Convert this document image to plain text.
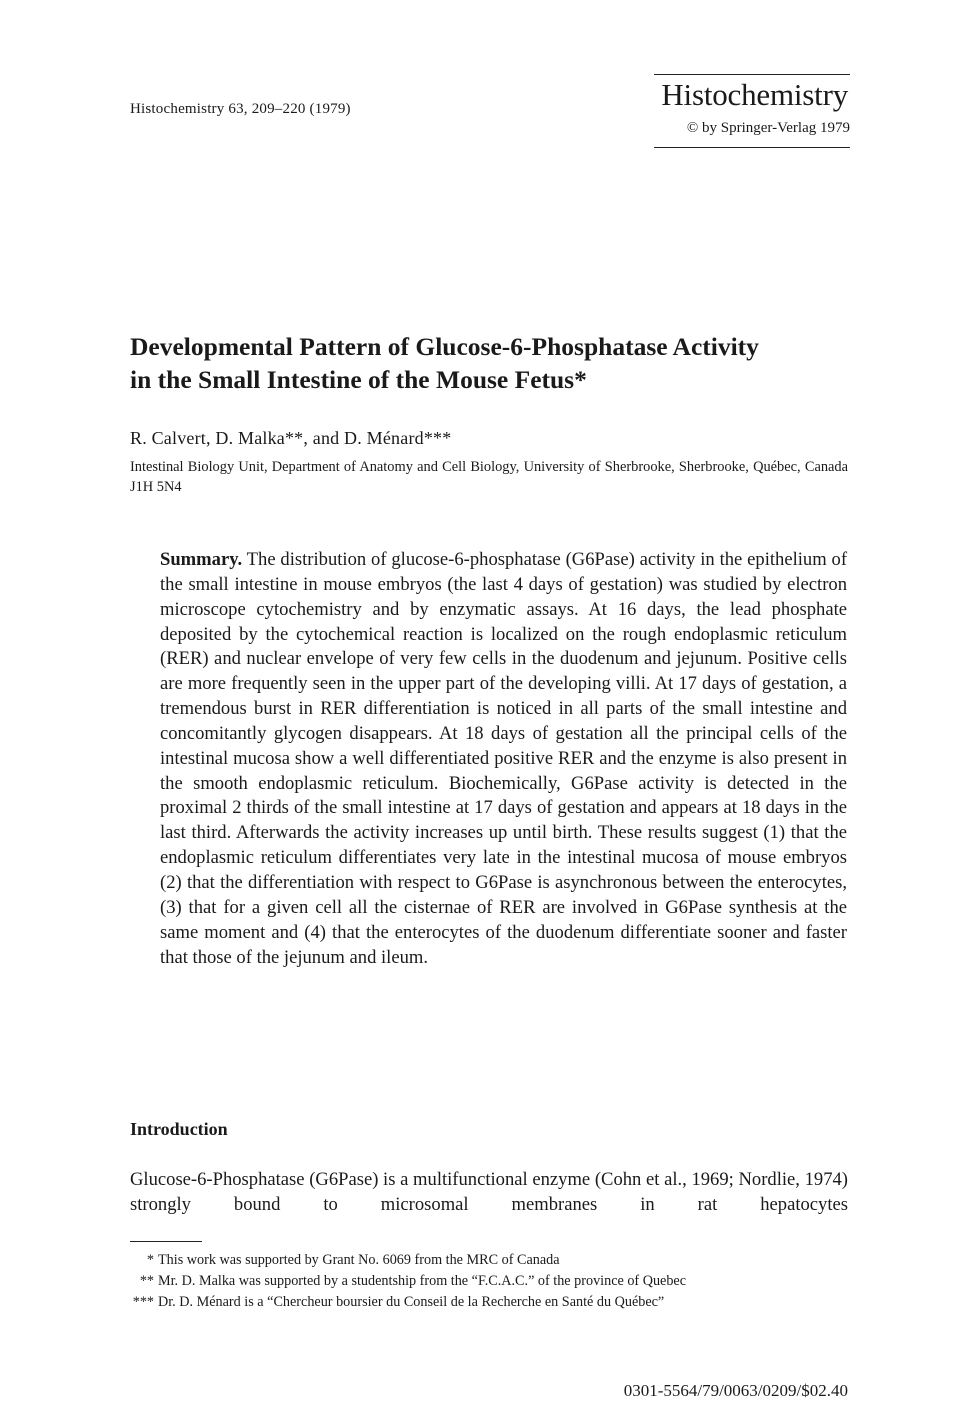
Histochemistry 63, 209–220 (1979)	Histochemistry
© by Springer-Verlag 1979
Developmental Pattern of Glucose-6-Phosphatase Activity
in the Small Intestine of the Mouse Fetus*
R. Calvert, D. Malka**, and D. Ménard***
Intestinal Biology Unit, Department of Anatomy and Cell Biology, University of Sherbrooke, Sherbrooke, Québec, Canada J1H 5N4

Summary. The distribution of glucose-6-phosphatase (G6Pase) activity in the epithelium of the small intestine in mouse embryos (the last 4 days of gestation) was studied by electron microscope cytochemistry and by enzymatic assays. At 16 days, the lead phosphate deposited by the cytochemical reaction is localized on the rough endoplasmic reticulum (RER) and nuclear envelope of very few cells in the duodenum and jejunum. Positive cells are more frequently seen in the upper part of the developing villi. At 17 days of gestation, a tremendous burst in RER differentiation is noticed in all parts of the small intestine and concomitantly glycogen disappears. At 18 days of gestation all the principal cells of the intestinal mucosa show a well differentiated positive RER and the enzyme is also present in the smooth endoplasmic reticulum. Biochemically, G6Pase activity is detected in the proximal 2 thirds of the small intestine at 17 days of gestation and appears at 18 days in the last third. Afterwards the activity increases up until birth. These results suggest (1) that the endoplasmic reticulum differentiates very late in the intestinal mucosa of mouse embryos (2) that the differentiation with respect to G6Pase is asynchronous between the enterocytes, (3) that for a given cell all the cisternae of RER are involved in G6Pase synthesis at the same moment and (4) that the enterocytes of the duodenum differentiate sooner and faster that those of the jejunum and ileum.

Introduction

Glucose-6-Phosphatase (G6Pase) is a multifunctional enzyme (Cohn et al., 1969; Nordlie, 1974) strongly bound to microsomal membranes in rat hepatocytes

* This work was supported by Grant No. 6069 from the MRC of Canada
** Mr. D. Malka was supported by a studentship from the “F.C.A.C.” of the province of Quebec
*** Dr. D. Ménard is a “Chercheur boursier du Conseil de la Recherche en Santé du Québec”
0301-5564/79/0063/0209/$02.40
